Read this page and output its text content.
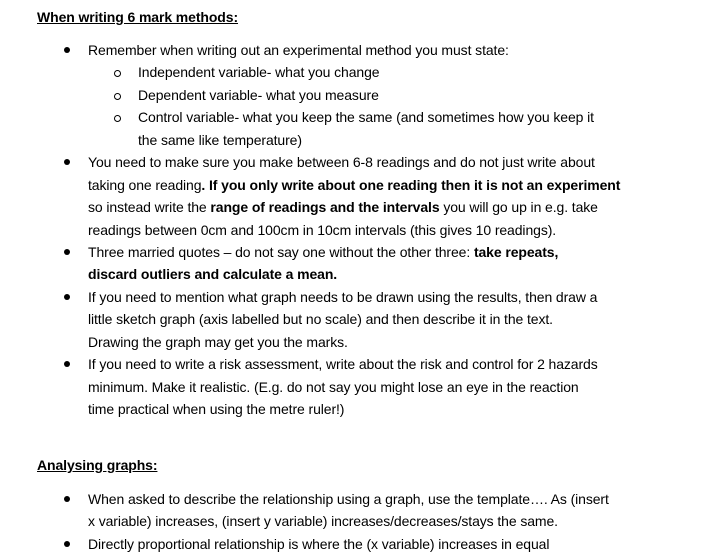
When writing 6 mark methods:
Remember when writing out an experimental method you must state:
Independent variable- what you change
Dependent variable- what you measure
Control variable- what you keep the same (and sometimes how you keep it
the same like temperature)
You need to make sure you make between 6-8 readings and do not just write about
taking one reading. If you only write about one reading then it is not an experiment
so instead write the range of readings and the intervals you will go up in e.g. take
readings between 0cm and 100cm in 10cm intervals (this gives 10 readings).
Three married quotes – do not say one without the other three: take repeats,
discard outliers and calculate a mean.
If you need to mention what graph needs to be drawn using the results, then draw a
little sketch graph (axis labelled but no scale) and then describe it in the text.
Drawing the graph may get you the marks.
If you need to write a risk assessment, write about the risk and control for 2 hazards
minimum. Make it realistic. (E.g. do not say you might lose an eye in the reaction
time practical when using the metre ruler!)
Analysing graphs:
When asked to describe the relationship using a graph, use the template…. As (insert
x variable) increases, (insert y variable) increases/decreases/stays the same.
Directly proportional relationship is where the (x variable) increases in equal
